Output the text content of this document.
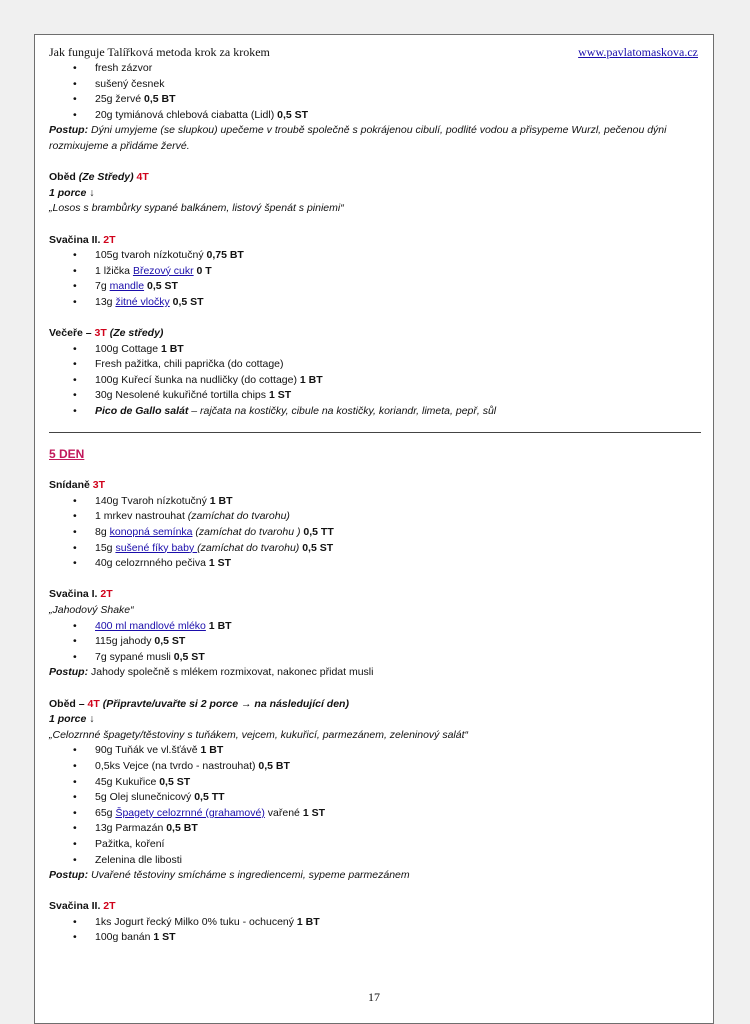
Jak funguje Talířková metoda krok za krokem	www.pavlatomaskova.cz
• fresh zázvor
• sušený česnek
• 25g žervé 0,5 BT
• 20g tymiánová chlebová ciabatta (Lidl) 0,5 ST
Postup: Dýni umyjeme (se slupkou) upečeme v troubě společně s pokrájenou cibulí, podlité vodou a přisypeme Wurzl, pečenou dýni rozmixujeme a přidáme žervé.
Oběd (Ze Středy) 4T
1 porce ↓
„Losos s brambůrky sypané balkánem, listový špenát s piniemi“
Svačina II. 2T
• 105g tvaroh nízkotučný 0,75 BT
• 1 lžička Březový cukr 0 T
• 7g mandle 0,5 ST
• 13g žitné vločky 0,5 ST
Večeře – 3T (Ze středy)
• 100g Cottage 1 BT
• Fresh pažitka, chili paprička (do cottage)
• 100g Kuřecí šunka na nudličky (do cottage) 1 BT
• 30g Nesolené kukuřičné tortilla chips 1 ST
• Pico de Gallo salát – rajčata na kostičky, cibule na kostičky, koriandr, limeta, pepř, sůl
5 DEN
Snídaně 3T
• 140g Tvaroh nízkotučný 1 BT
• 1 mrkev nastrouhat (zamíchat do tvarohu)
• 8g konopná semínka (zamíchat do tvarohu ) 0,5 TT
• 15g sušené fíky baby (zamíchat do tvarohu) 0,5 ST
• 40g celozrnného pečiva 1 ST
Svačina I. 2T
„Jahodový Shake“
• 400 ml mandlové mléko 1 BT
• 115g jahody 0,5 ST
• 7g sypané musli 0,5 ST
Postup: Jahody společně s mlékem rozmixovat, nakonec přidat musli
Oběd – 4T (Připravte/uvařte si 2 porce → na následující den)
1 porce ↓
„Celozrnné špagety/těstoviny s tuňákem, vejcem, kukuřicí, parmezánem, zeleninový salát“
• 90g Tuňák ve vl.šťávě 1 BT
• 0,5ks Vejce (na tvrdo - nastrouhat) 0,5 BT
• 45g Kukuřice 0,5 ST
• 5g Olej slunečnicový 0,5 TT
• 65g Špagety celozrnné (grahamové) vařené 1 ST
• 13g Parmazán 0,5 BT
• Pažitka, koření
• Zelenina dle libosti
Postup: Uvařené těstoviny smícháme s ingrediencemi, sypeme parmezánem
Svačina II. 2T
• 1ks Jogurt řecký Milko 0% tuku - ochucený 1 BT
• 100g banán 1 ST
17
